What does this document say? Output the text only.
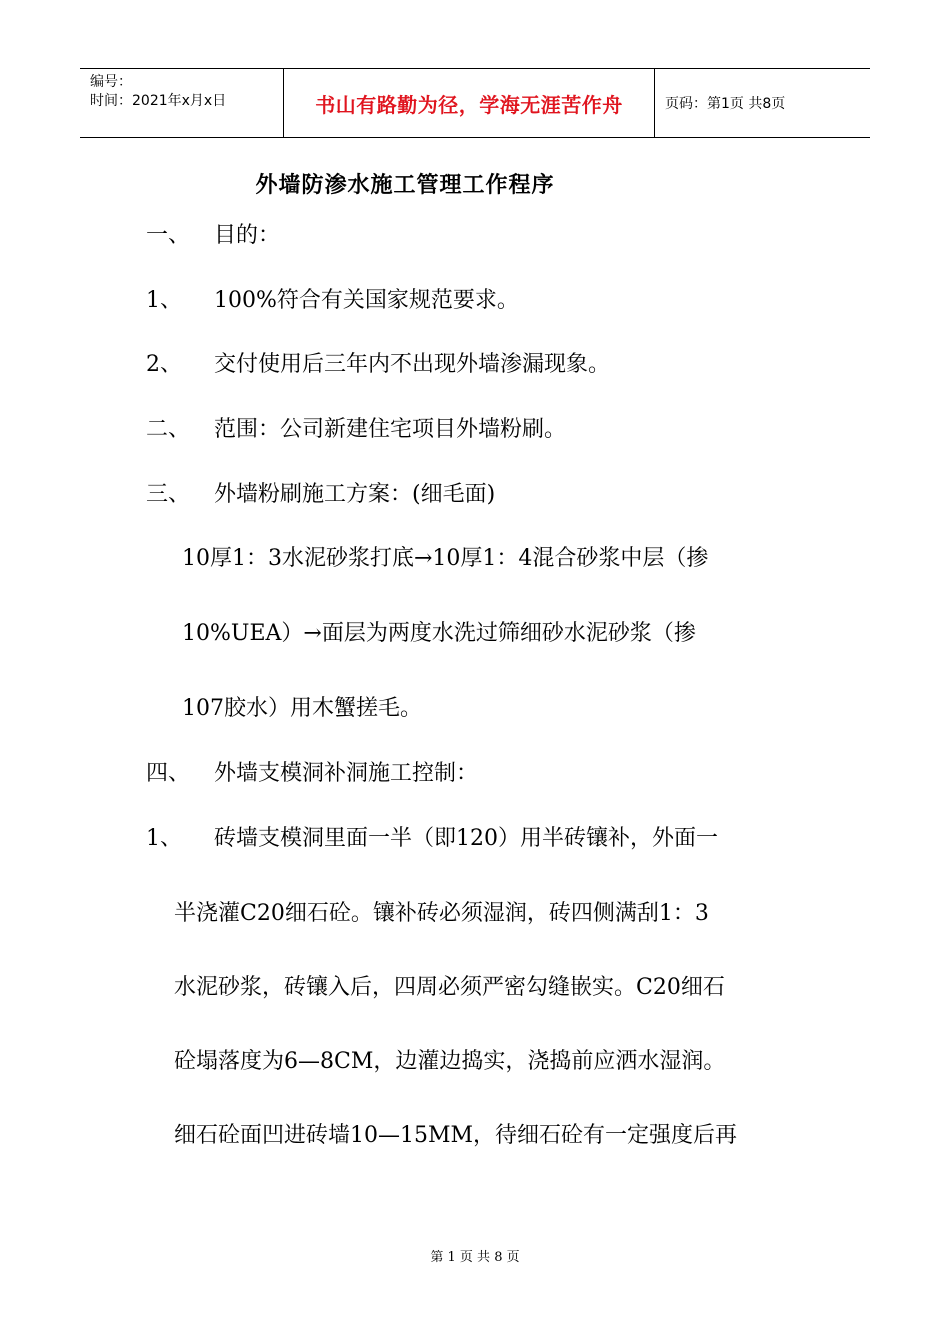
编号：
时间：2021年x月x日	书山有路勤为径，学海无涯苦作舟	页码：第1页 共8页
外墙防渗水施工管理工作程序
一、 目的：
1、 100%符合有关国家规范要求。
2、 交付使用后三年内不出现外墙渗漏现象。
二、 范围：公司新建住宅项目外墙粉刷。
三、 外墙粉刷施工方案：(细毛面)
10厚1：3水泥砂浆打底→10厚1：4混合砂浆中层（掺
10%UEA）→面层为两度水洗过筛细砂水泥砂浆（掺
107胶水）用木蟹搓毛。
四、 外墙支模洞补洞施工控制：
1、 砖墙支模洞里面一半（即120）用半砖镶补，外面一
半浇灌C20细石砼。镶补砖必须湿润，砖四侧满刮1：3
水泥砂浆，砖镶入后，四周必须严密勾缝嵌实。C20细石
砼塌落度为6—8CM，边灌边捣实，浇捣前应洒水湿润。
细石砼面凹进砖墙10—15MM，待细石砼有一定强度后再
第 1 页 共 8 页
